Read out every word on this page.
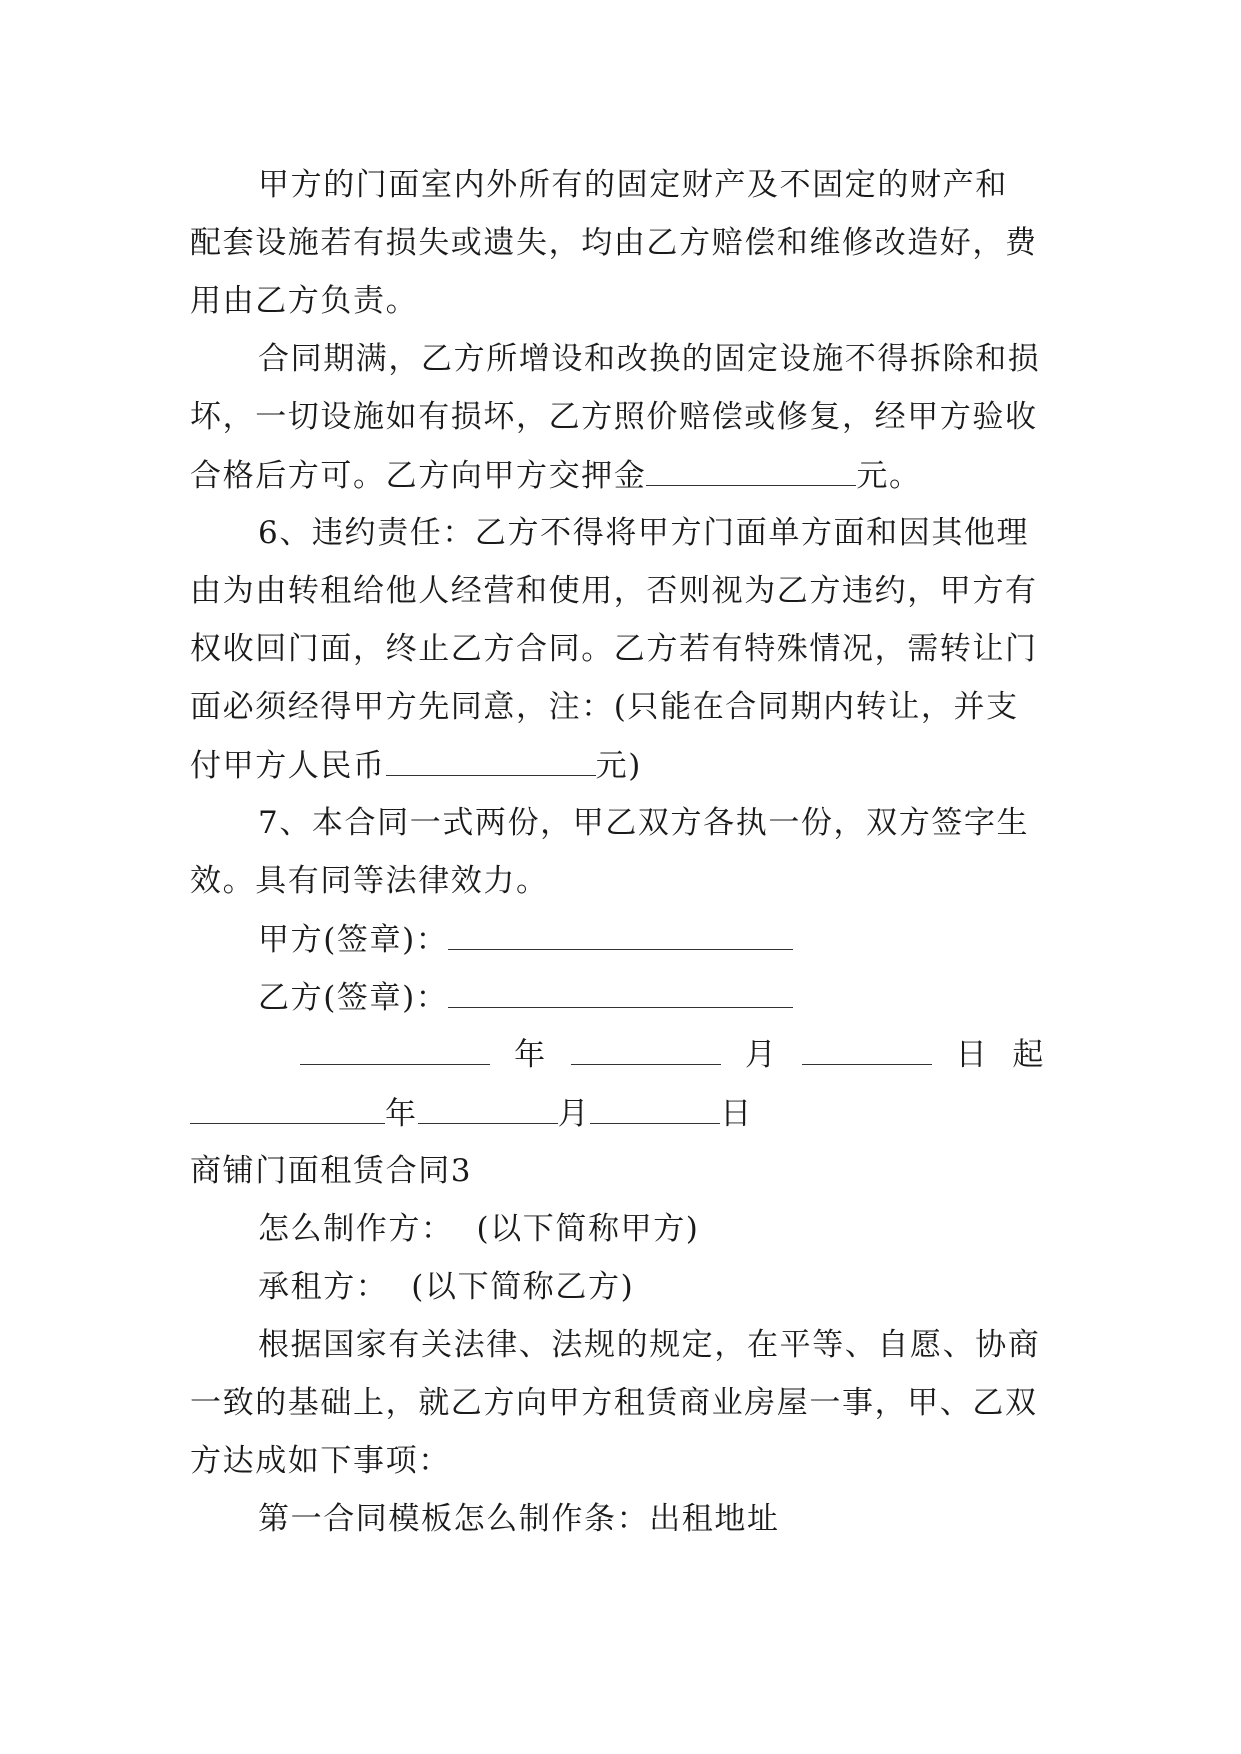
甲方的门面室内外所有的固定财产及不固定的财产和
配套设施若有损失或遗失，均由乙方赔偿和维修改造好，费
用由乙方负责。
合同期满，乙方所增设和改换的固定设施不得拆除和损
坏，一切设施如有损坏，乙方照价赔偿或修复，经甲方验收
合格后方可。乙方向甲方交押金	元。
6、违约责任：乙方不得将甲方门面单方面和因其他理
由为由转租给他人经营和使用，否则视为乙方违约，甲方有
权收回门面，终止乙方合同。乙方若有特殊情况，需转让门
面必须经得甲方先同意，注：(只能在合同期内转让，并支
付甲方人民币	元)
7、本合同一式两份，甲乙双方各执一份，双方签字生
效。具有同等法律效力。
甲方(签章)：
乙方(签章)：
年	月	日 起
年	月	日
商铺门面租赁合同3
怎么制作方：  (以下简称甲方)
承租方：  (以下简称乙方)
根据国家有关法律、法规的规定，在平等、自愿、协商
一致的基础上，就乙方向甲方租赁商业房屋一事，甲、乙双
方达成如下事项：
第一合同模板怎么制作条：出租地址
